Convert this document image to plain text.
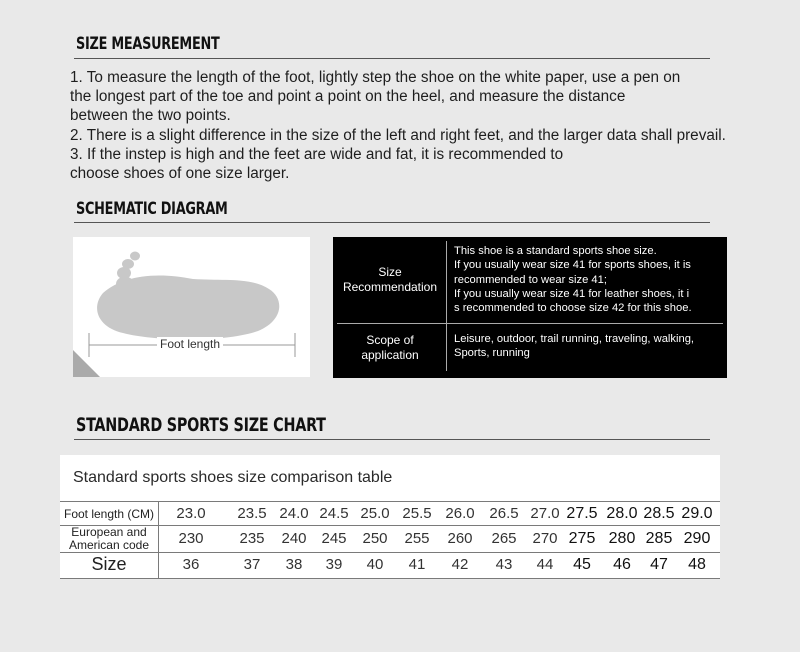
SIZE MEASUREMENT

1. To measure the length of the foot, lightly step the shoe on the white paper, use a pen on

the longest part of the toe and point a point on the heel, and measure the distance

between the two points.

2. There is a slight difference in the size of the left and right feet, and the larger data shall prevail.

3. If the instep is high and the feet are wide and fat, it is recommended to

choose shoes of one size larger.

SCHEMATIC DIAGRAM
Foot length
Size
Recommendation

This shoe is a standard sports shoe size.

If you usually wear size 41 for sports shoes, it is

recommended to wear size 41;

If you usually wear size 41 for leather shoes, it i

s recommended to choose size 42 for this shoe.

Scope of
application

Leisure, outdoor, trail running, traveling, walking,

Sports, running

STANDARD SPORTS SIZE CHART
Standard sports shoes size comparison table
Foot length (CM)
European and
American code
Size
23.0 23.5 24.0 24.5 25.0 25.5 26.0 26.5 27.0 27.5 28.0 28.5 29.0
230 235 240 245 250 255 260 265 270 275 280 285 290
36	37 38 39 40 41 42 43 44 45 46 47 48
